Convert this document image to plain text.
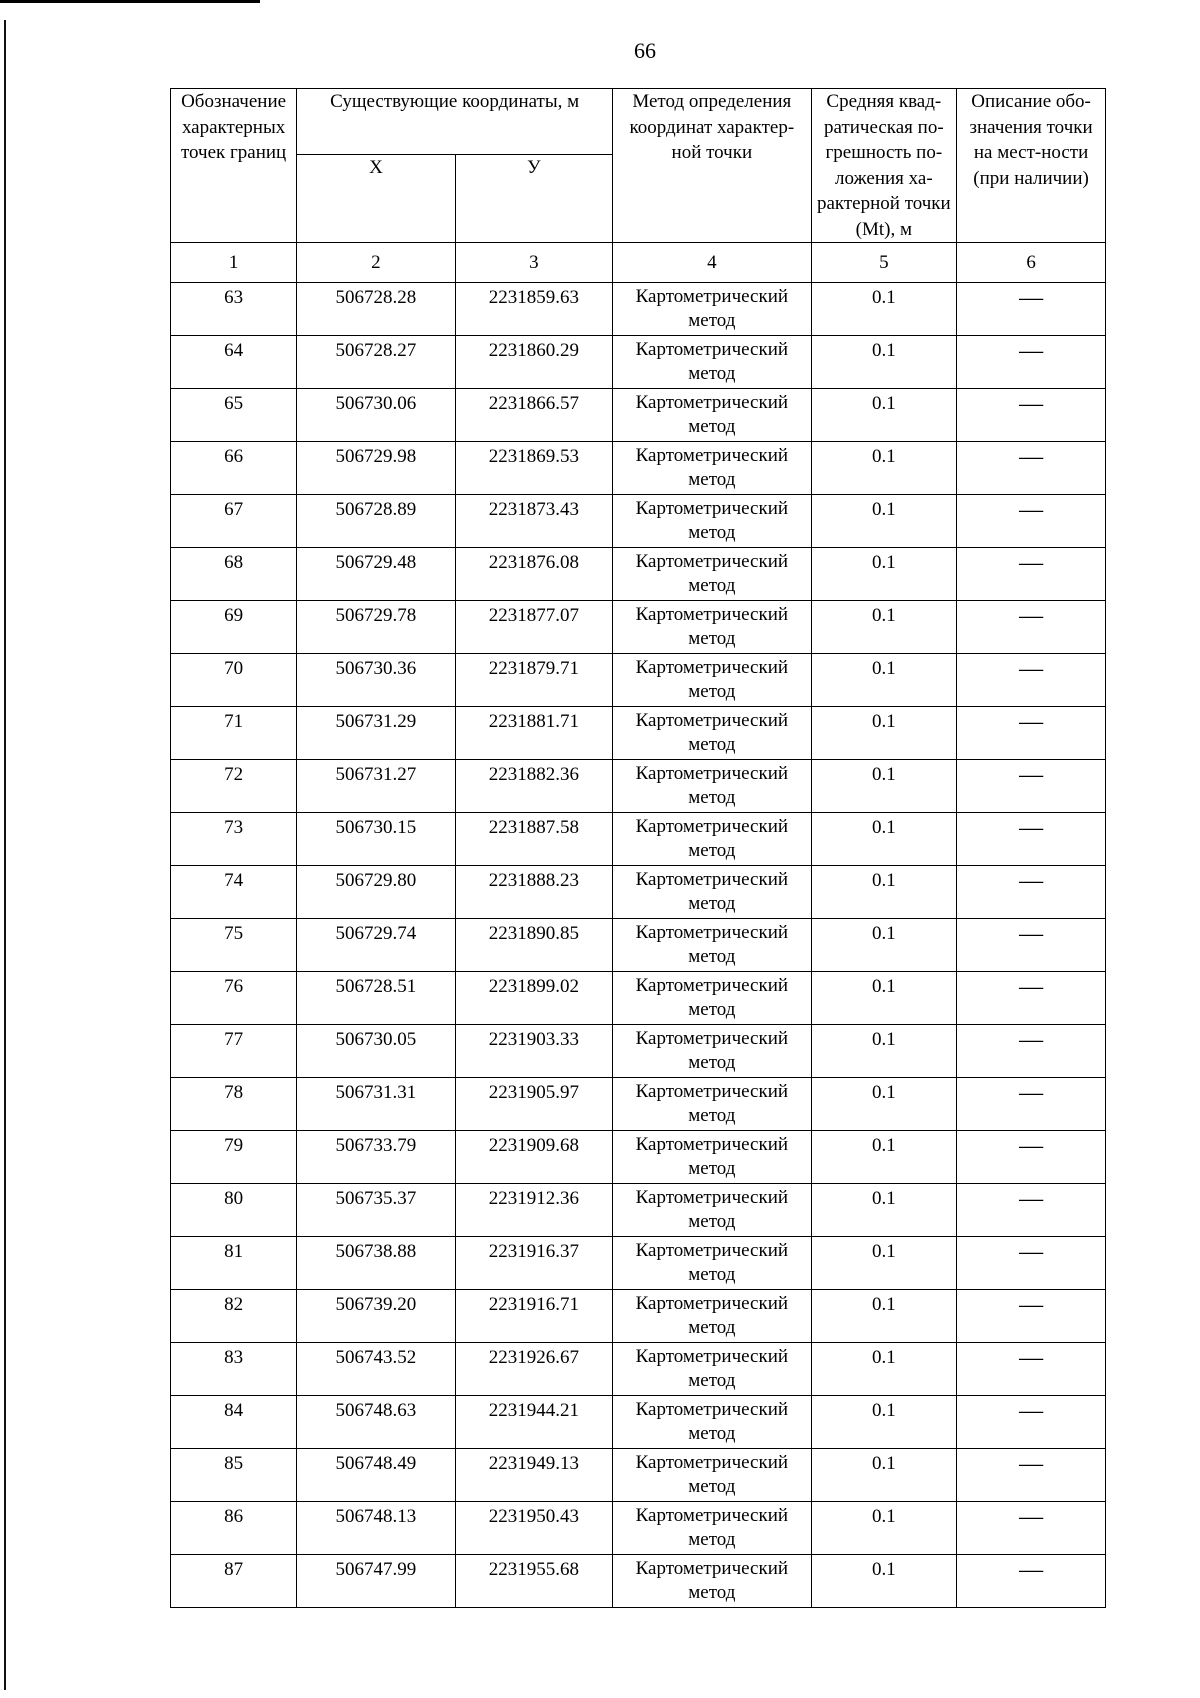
66
Обозначение характерных точек границ	Существующие координаты, м		Метод определения координат характер-ной точки	Средняя квад-ратическая по-грешность по-ложения ха-рактерной точки (Mt), м	Описание обо-значения точки на мест-ности (при наличии)
	X	У			
1	2	3	4	5	6
63	506728.28	2231859.63	Картометрический метод	0.1	—
64	506728.27	2231860.29	Картометрический метод	0.1	—
65	506730.06	2231866.57	Картометрический метод	0.1	—
66	506729.98	2231869.53	Картометрический метод	0.1	—
67	506728.89	2231873.43	Картометрический метод	0.1	—
68	506729.48	2231876.08	Картометрический метод	0.1	—
69	506729.78	2231877.07	Картометрический метод	0.1	—
70	506730.36	2231879.71	Картометрический метод	0.1	—
71	506731.29	2231881.71	Картометрический метод	0.1	—
72	506731.27	2231882.36	Картометрический метод	0.1	—
73	506730.15	2231887.58	Картометрический метод	0.1	—
74	506729.80	2231888.23	Картометрический метод	0.1	—
75	506729.74	2231890.85	Картометрический метод	0.1	—
76	506728.51	2231899.02	Картометрический метод	0.1	—
77	506730.05	2231903.33	Картометрический метод	0.1	—
78	506731.31	2231905.97	Картометрический метод	0.1	—
79	506733.79	2231909.68	Картометрический метод	0.1	—
80	506735.37	2231912.36	Картометрический метод	0.1	—
81	506738.88	2231916.37	Картометрический метод	0.1	—
82	506739.20	2231916.71	Картометрический метод	0.1	—
83	506743.52	2231926.67	Картометрический метод	0.1	—
84	506748.63	2231944.21	Картометрический метод	0.1	—
85	506748.49	2231949.13	Картометрический метод	0.1	—
86	506748.13	2231950.43	Картометрический метод	0.1	—
87	506747.99	2231955.68	Картометрический метод	0.1	—
